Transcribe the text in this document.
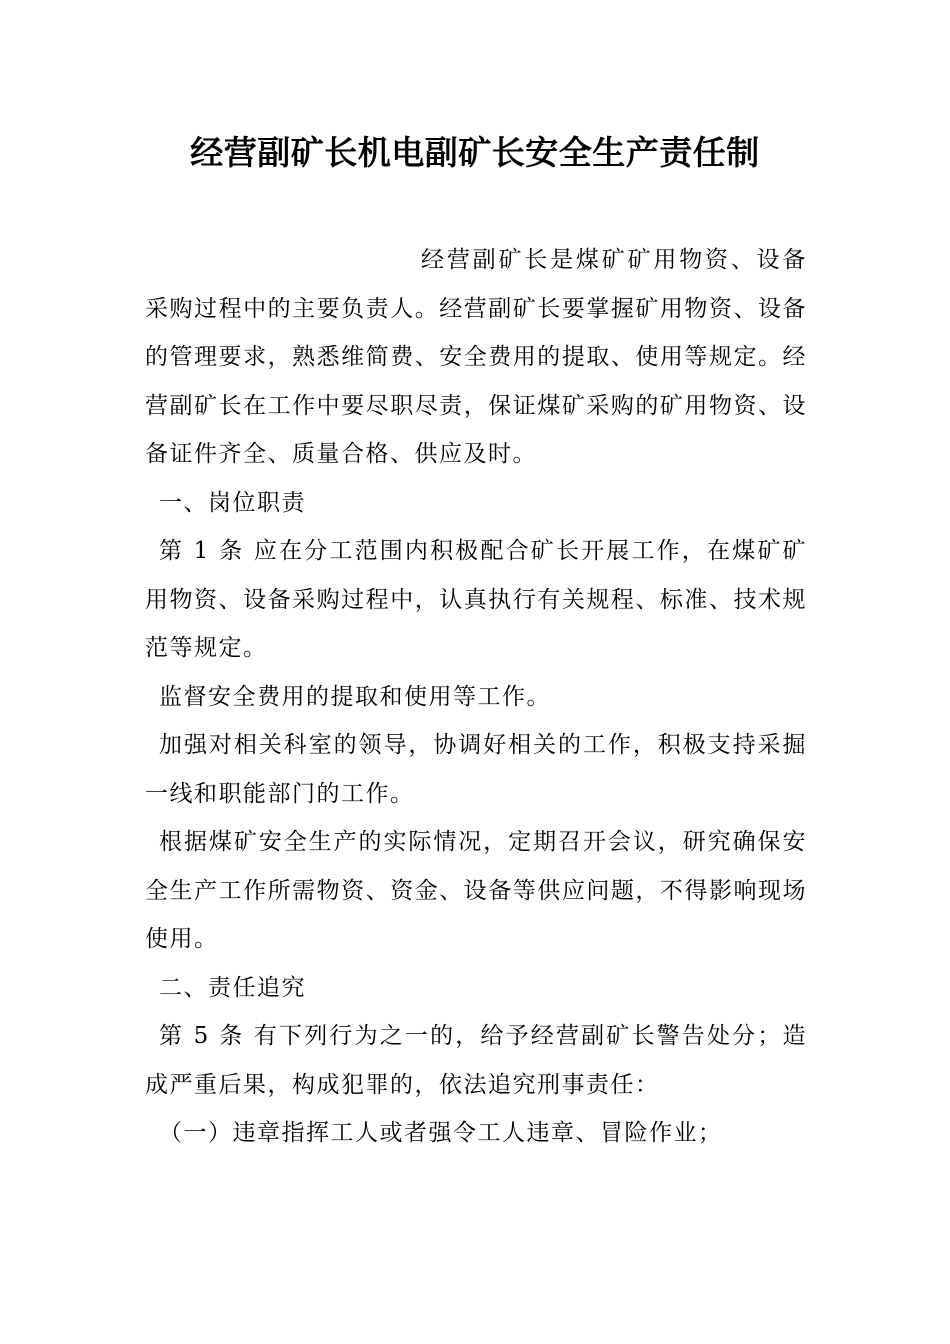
经营副矿长机电副矿长安全生产责任制

经营副矿长是煤矿矿用物资、设备采购过程中的主要负责人。经营副矿长要掌握矿用物资、设备的管理要求，熟悉维简费、安全费用的提取、使用等规定。经营副矿长在工作中要尽职尽责，保证煤矿采购的矿用物资、设备证件齐全、质量合格、供应及时。

一、岗位职责

第 1 条 应在分工范围内积极配合矿长开展工作，在煤矿矿用物资、设备采购过程中，认真执行有关规程、标准、技术规范等规定。

监督安全费用的提取和使用等工作。

加强对相关科室的领导，协调好相关的工作，积极支持采掘一线和职能部门的工作。

根据煤矿安全生产的实际情况，定期召开会议，研究确保安全生产工作所需物资、资金、设备等供应问题，不得影响现场使用。

二、责任追究

第 5 条 有下列行为之一的，给予经营副矿长警告处分；造成严重后果，构成犯罪的，依法追究刑事责任：

（一）违章指挥工人或者强令工人违章、冒险作业；
